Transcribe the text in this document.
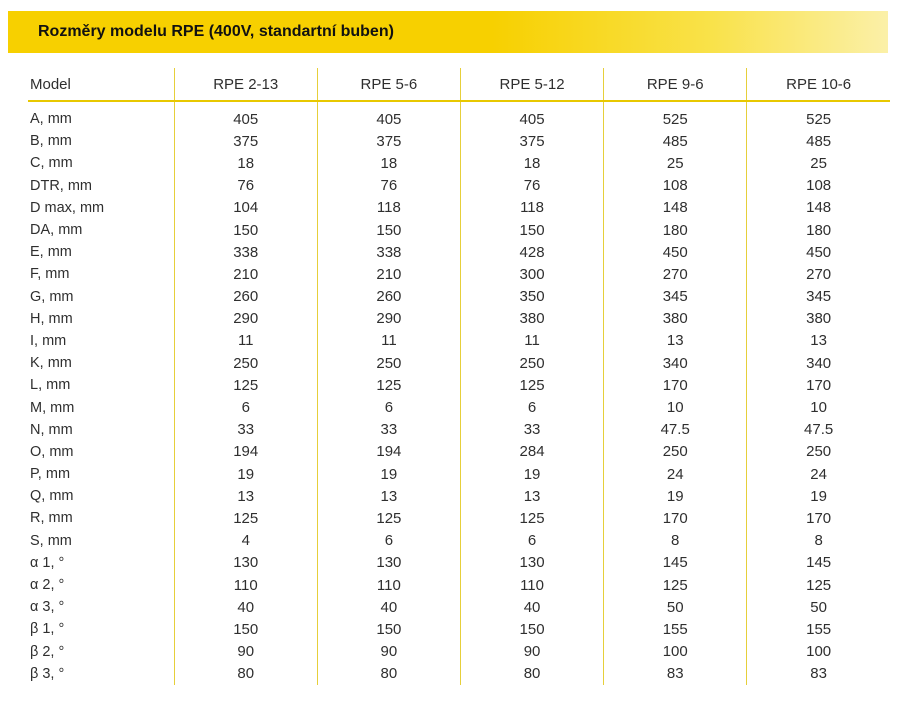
Rozměry modelu RPE (400V, standartní buben)
Model	RPE 2-13	RPE 5-6	RPE 5-12	RPE 9-6	RPE 10-6
A, mm	405	405	405	525	525
B, mm	375	375	375	485	485
C, mm	18	18	18	25	25
DTR, mm	76	76	76	108	108
D max, mm	104	118	118	148	148
DA, mm	150	150	150	180	180
E, mm	338	338	428	450	450
F, mm	210	210	300	270	270
G, mm	260	260	350	345	345
H, mm	290	290	380	380	380
I, mm	11	11	11	13	13
K, mm	250	250	250	340	340
L, mm	125	125	125	170	170
M, mm	6	6	6	10	10
N, mm	33	33	33	47.5	47.5
O, mm	194	194	284	250	250
P, mm	19	19	19	24	24
Q, mm	13	13	13	19	19
R, mm	125	125	125	170	170
S, mm	4	6	6	8	8
α 1, °	130	130	130	145	145
α 2, °	110	110	110	125	125
α 3, °	40	40	40	50	50
β 1, °	150	150	150	155	155
β 2, °	90	90	90	100	100
β 3, °	80	80	80	83	83
